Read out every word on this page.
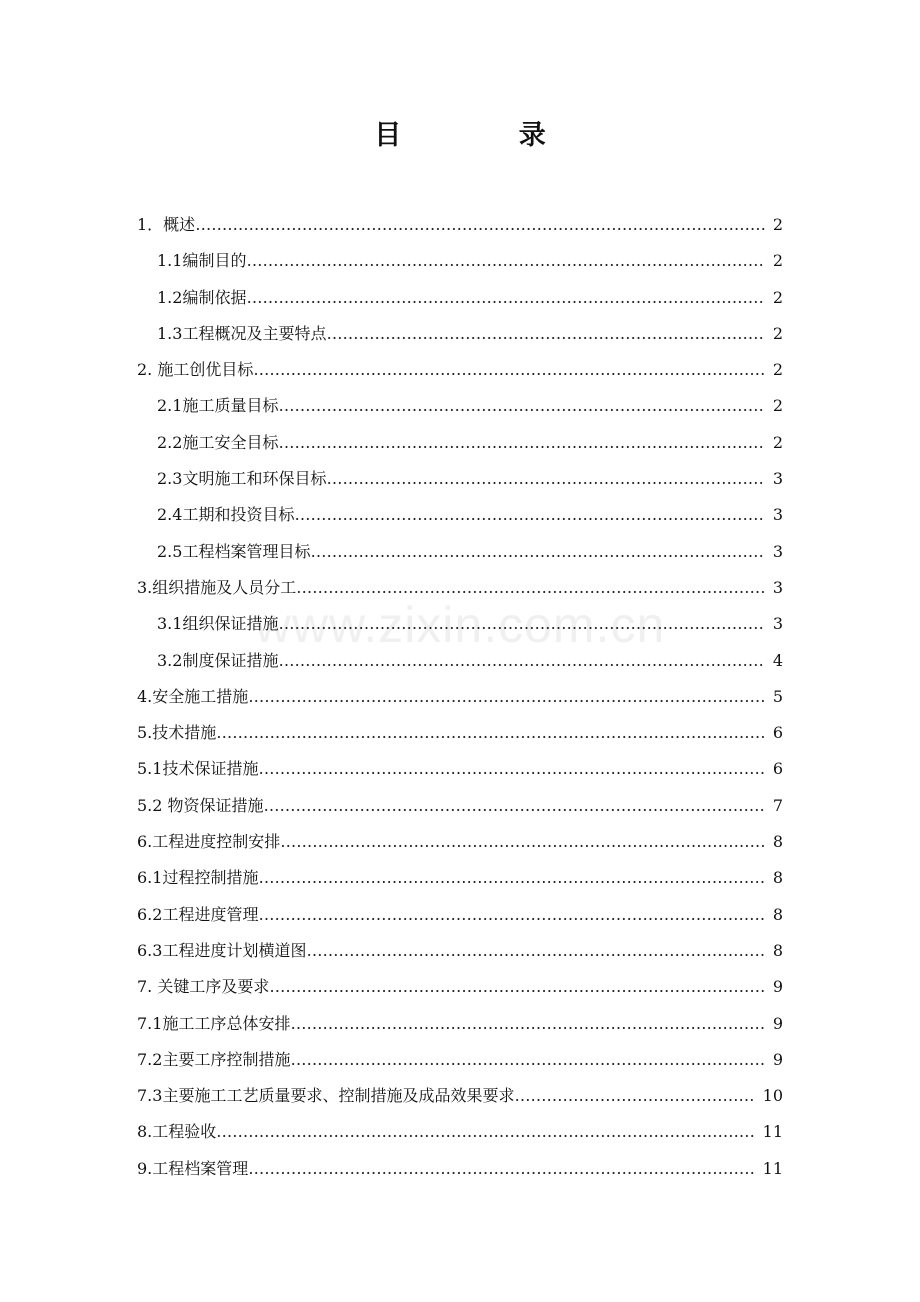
目 录
www.zixin.com.cn
1．概述 ……………………………………………………………………………………………………………………………………………………………………………………………………………………………	2
1.1编制目的 ……………………………………………………………………………………………………………………………………………………………………………………………………………………………	2
1.2编制依据 ……………………………………………………………………………………………………………………………………………………………………………………………………………………………	2
1.3工程概况及主要特点 ……………………………………………………………………………………………………………………………………………………………………………………………………………………………	2
2. 施工创优目标 ……………………………………………………………………………………………………………………………………………………………………………………………………………………………	2
2.1施工质量目标 ……………………………………………………………………………………………………………………………………………………………………………………………………………………………	2
2.2施工安全目标 ……………………………………………………………………………………………………………………………………………………………………………………………………………………………	2
2.3文明施工和环保目标 ……………………………………………………………………………………………………………………………………………………………………………………………………………………………	3
2.4工期和投资目标 ……………………………………………………………………………………………………………………………………………………………………………………………………………………………	3
2.5工程档案管理目标 ……………………………………………………………………………………………………………………………………………………………………………………………………………………………	3
3.组织措施及人员分工 ……………………………………………………………………………………………………………………………………………………………………………………………………………………………	3
3.1组织保证措施 ……………………………………………………………………………………………………………………………………………………………………………………………………………………………	3
3.2制度保证措施 ……………………………………………………………………………………………………………………………………………………………………………………………………………………………	4
4.安全施工措施 ……………………………………………………………………………………………………………………………………………………………………………………………………………………………	5
5.技术措施 ……………………………………………………………………………………………………………………………………………………………………………………………………………………………	6
5.1技术保证措施 ……………………………………………………………………………………………………………………………………………………………………………………………………………………………	6
5.2 物资保证措施 ……………………………………………………………………………………………………………………………………………………………………………………………………………………………	7
6.工程进度控制安排 ……………………………………………………………………………………………………………………………………………………………………………………………………………………………	8
6.1过程控制措施 ……………………………………………………………………………………………………………………………………………………………………………………………………………………………	8
6.2工程进度管理 ……………………………………………………………………………………………………………………………………………………………………………………………………………………………	8
6.3工程进度计划横道图 ……………………………………………………………………………………………………………………………………………………………………………………………………………………………	8
7. 关键工序及要求 ……………………………………………………………………………………………………………………………………………………………………………………………………………………………	9
7.1施工工序总体安排 ……………………………………………………………………………………………………………………………………………………………………………………………………………………………	9
7.2主要工序控制措施 ……………………………………………………………………………………………………………………………………………………………………………………………………………………………	9
7.3主要施工工艺质量要求、控制措施及成品效果要求 ……………………………………………………………………………………………………………………………………………………………………………………………………………………………	10
8.工程验收 ……………………………………………………………………………………………………………………………………………………………………………………………………………………………	11
9.工程档案管理 ……………………………………………………………………………………………………………………………………………………………………………………………………………………………	11
